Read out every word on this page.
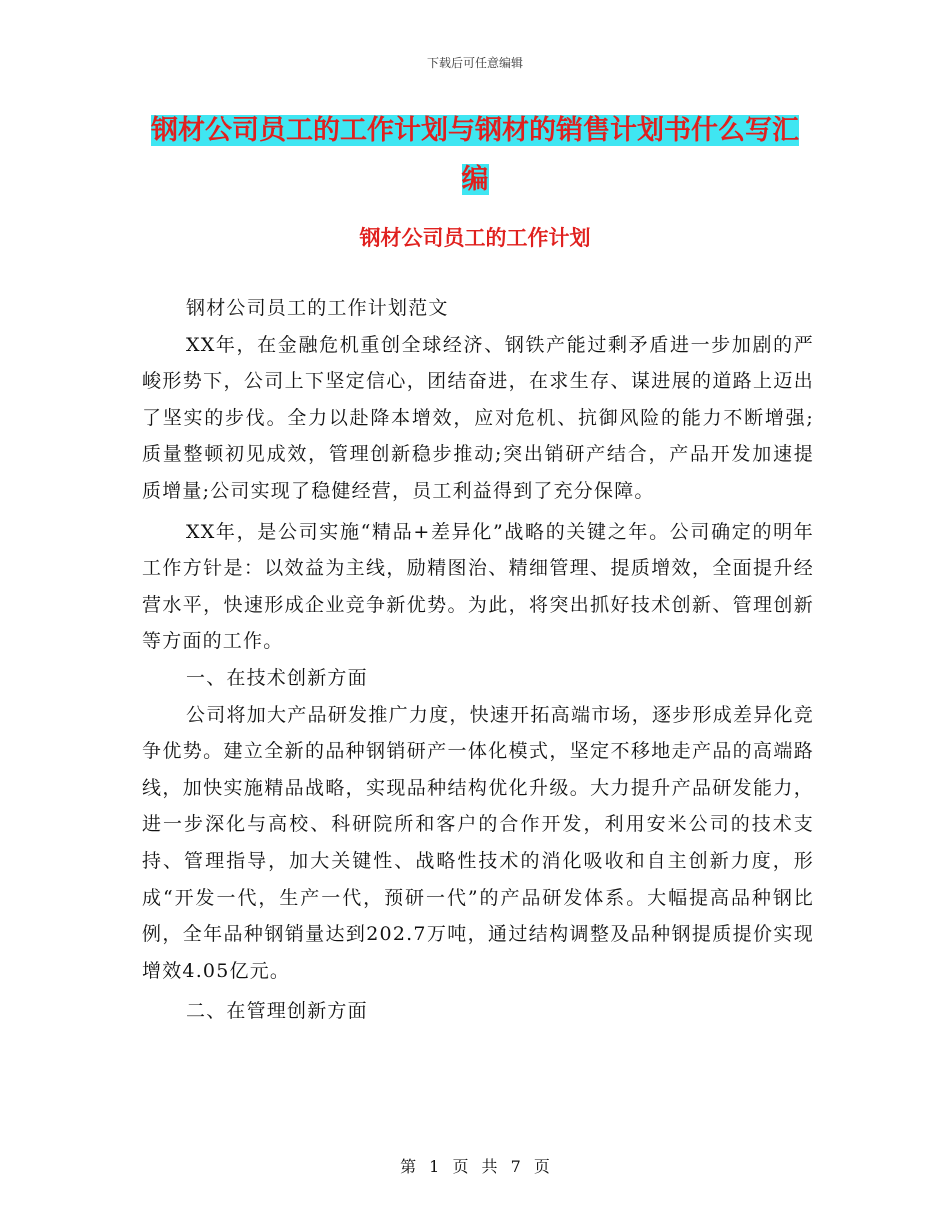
下载后可任意编辑
钢材公司员工的工作计划与钢材的销售计划书什么写汇编
钢材公司员工的工作计划

钢材公司员工的工作计划范文

XX年，在金融危机重创全球经济、钢铁产能过剩矛盾进一步加剧的严峻形势下，公司上下坚定信心，团结奋进，在求生存、谋进展的道路上迈出了坚实的步伐。全力以赴降本增效，应对危机、抗御风险的能力不断增强;质量整顿初见成效，管理创新稳步推动;突出销研产结合，产品开发加速提质增量;公司实现了稳健经营，员工利益得到了充分保障。

XX年，是公司实施“精品+差异化”战略的关键之年。公司确定的明年工作方针是：以效益为主线，励精图治、精细管理、提质增效，全面提升经营水平，快速形成企业竞争新优势。为此，将突出抓好技术创新、管理创新等方面的工作。

一、在技术创新方面

公司将加大产品研发推广力度，快速开拓高端市场，逐步形成差异化竞争优势。建立全新的品种钢销研产一体化模式，坚定不移地走产品的高端路线，加快实施精品战略，实现品种结构优化升级。大力提升产品研发能力，进一步深化与高校、科研院所和客户的合作开发，利用安米公司的技术支持、管理指导，加大关键性、战略性技术的消化吸收和自主创新力度，形成“开发一代，生产一代，预研一代”的产品研发体系。大幅提高品种钢比例，全年品种钢销量达到202.7万吨，通过结构调整及品种钢提质提价实现增效4.05亿元。

二、在管理创新方面

第 1 页 共 7 页
